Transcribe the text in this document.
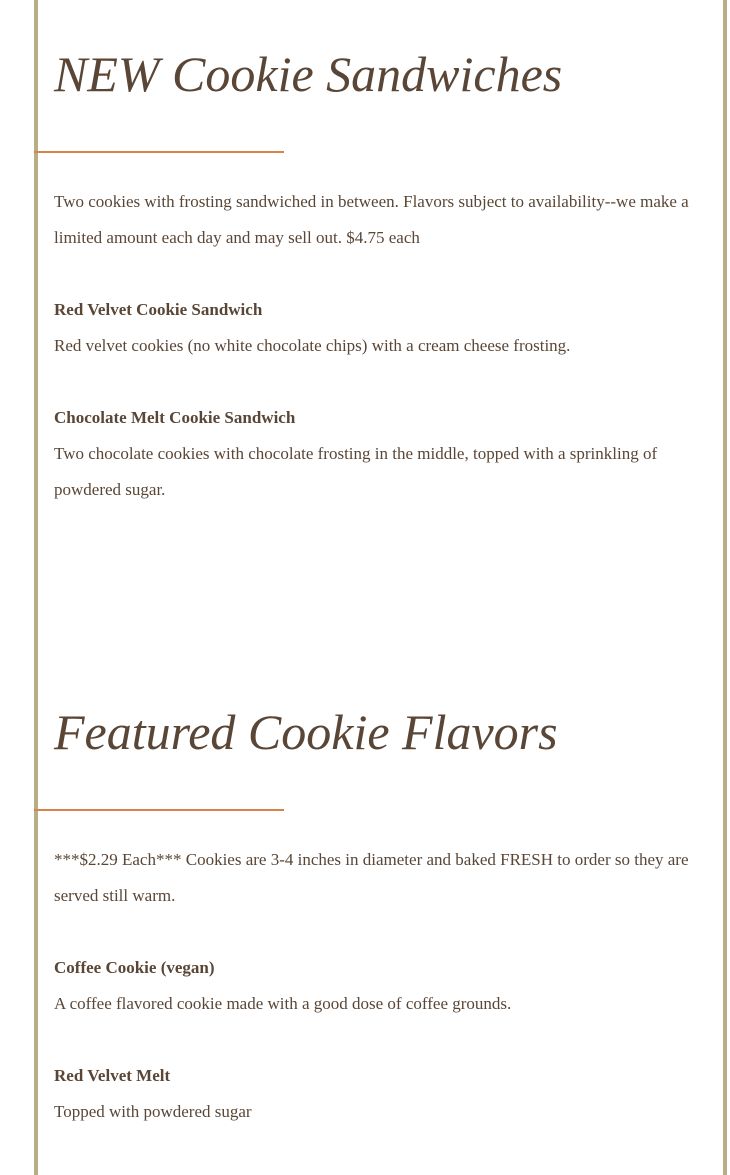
NEW Cookie Sandwiches

Two cookies with frosting sandwiched in between. Flavors subject to availability--we make a limited amount each day and may sell out. $4.75 each

Red Velvet Cookie Sandwich
Red velvet cookies (no white chocolate chips) with a cream cheese frosting.
Chocolate Melt Cookie Sandwich
Two chocolate cookies with chocolate frosting in the middle, topped with a sprinkling of powdered sugar.
Featured Cookie Flavors

***$2.29 Each*** Cookies are 3-4 inches in diameter and baked FRESH to order so they are served still warm.

Coffee Cookie (vegan)
A coffee flavored cookie made with a good dose of coffee grounds.
Red Velvet Melt
Topped with powdered sugar
